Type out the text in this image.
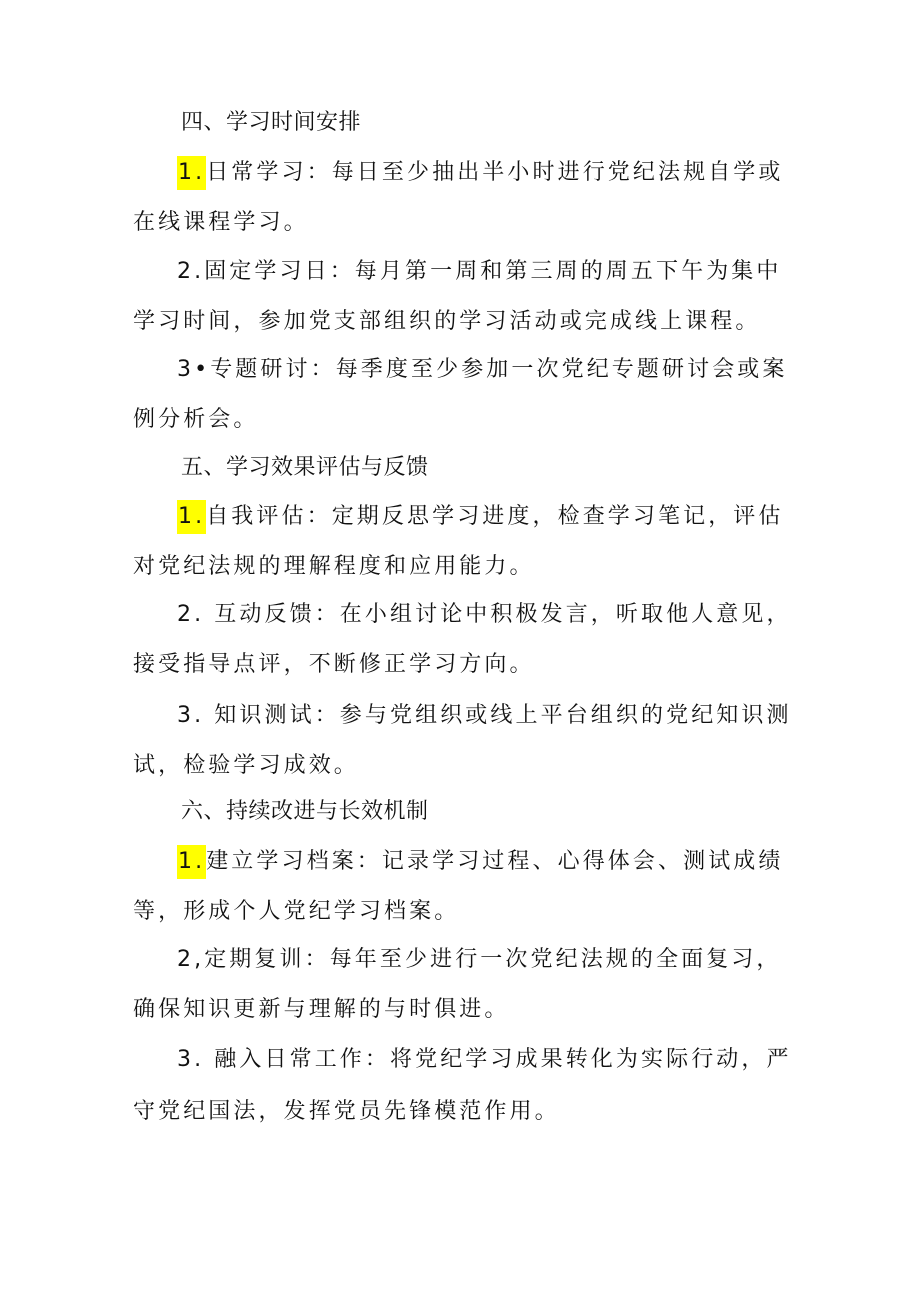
四、学习时间安排

1.日常学习：每日至少抽出半小时进行党纪法规自学或在线课程学习。

2.固定学习日：每月第一周和第三周的周五下午为集中学习时间，参加党支部组织的学习活动或完成线上课程。

3•专题研讨：每季度至少参加一次党纪专题研讨会或案例分析会。

五、学习效果评估与反馈

1.自我评估：定期反思学习进度，检查学习笔记，评估对党纪法规的理解程度和应用能力。

2. 互动反馈：在小组讨论中积极发言，听取他人意见，接受指导点评，不断修正学习方向。

3. 知识测试：参与党组织或线上平台组织的党纪知识测试，检验学习成效。

六、持续改进与长效机制

1.建立学习档案：记录学习过程、心得体会、测试成绩等，形成个人党纪学习档案。

2,定期复训：每年至少进行一次党纪法规的全面复习，确保知识更新与理解的与时俱进。

3. 融入日常工作：将党纪学习成果转化为实际行动，严

守党纪国法，发挥党员先锋模范作用。
